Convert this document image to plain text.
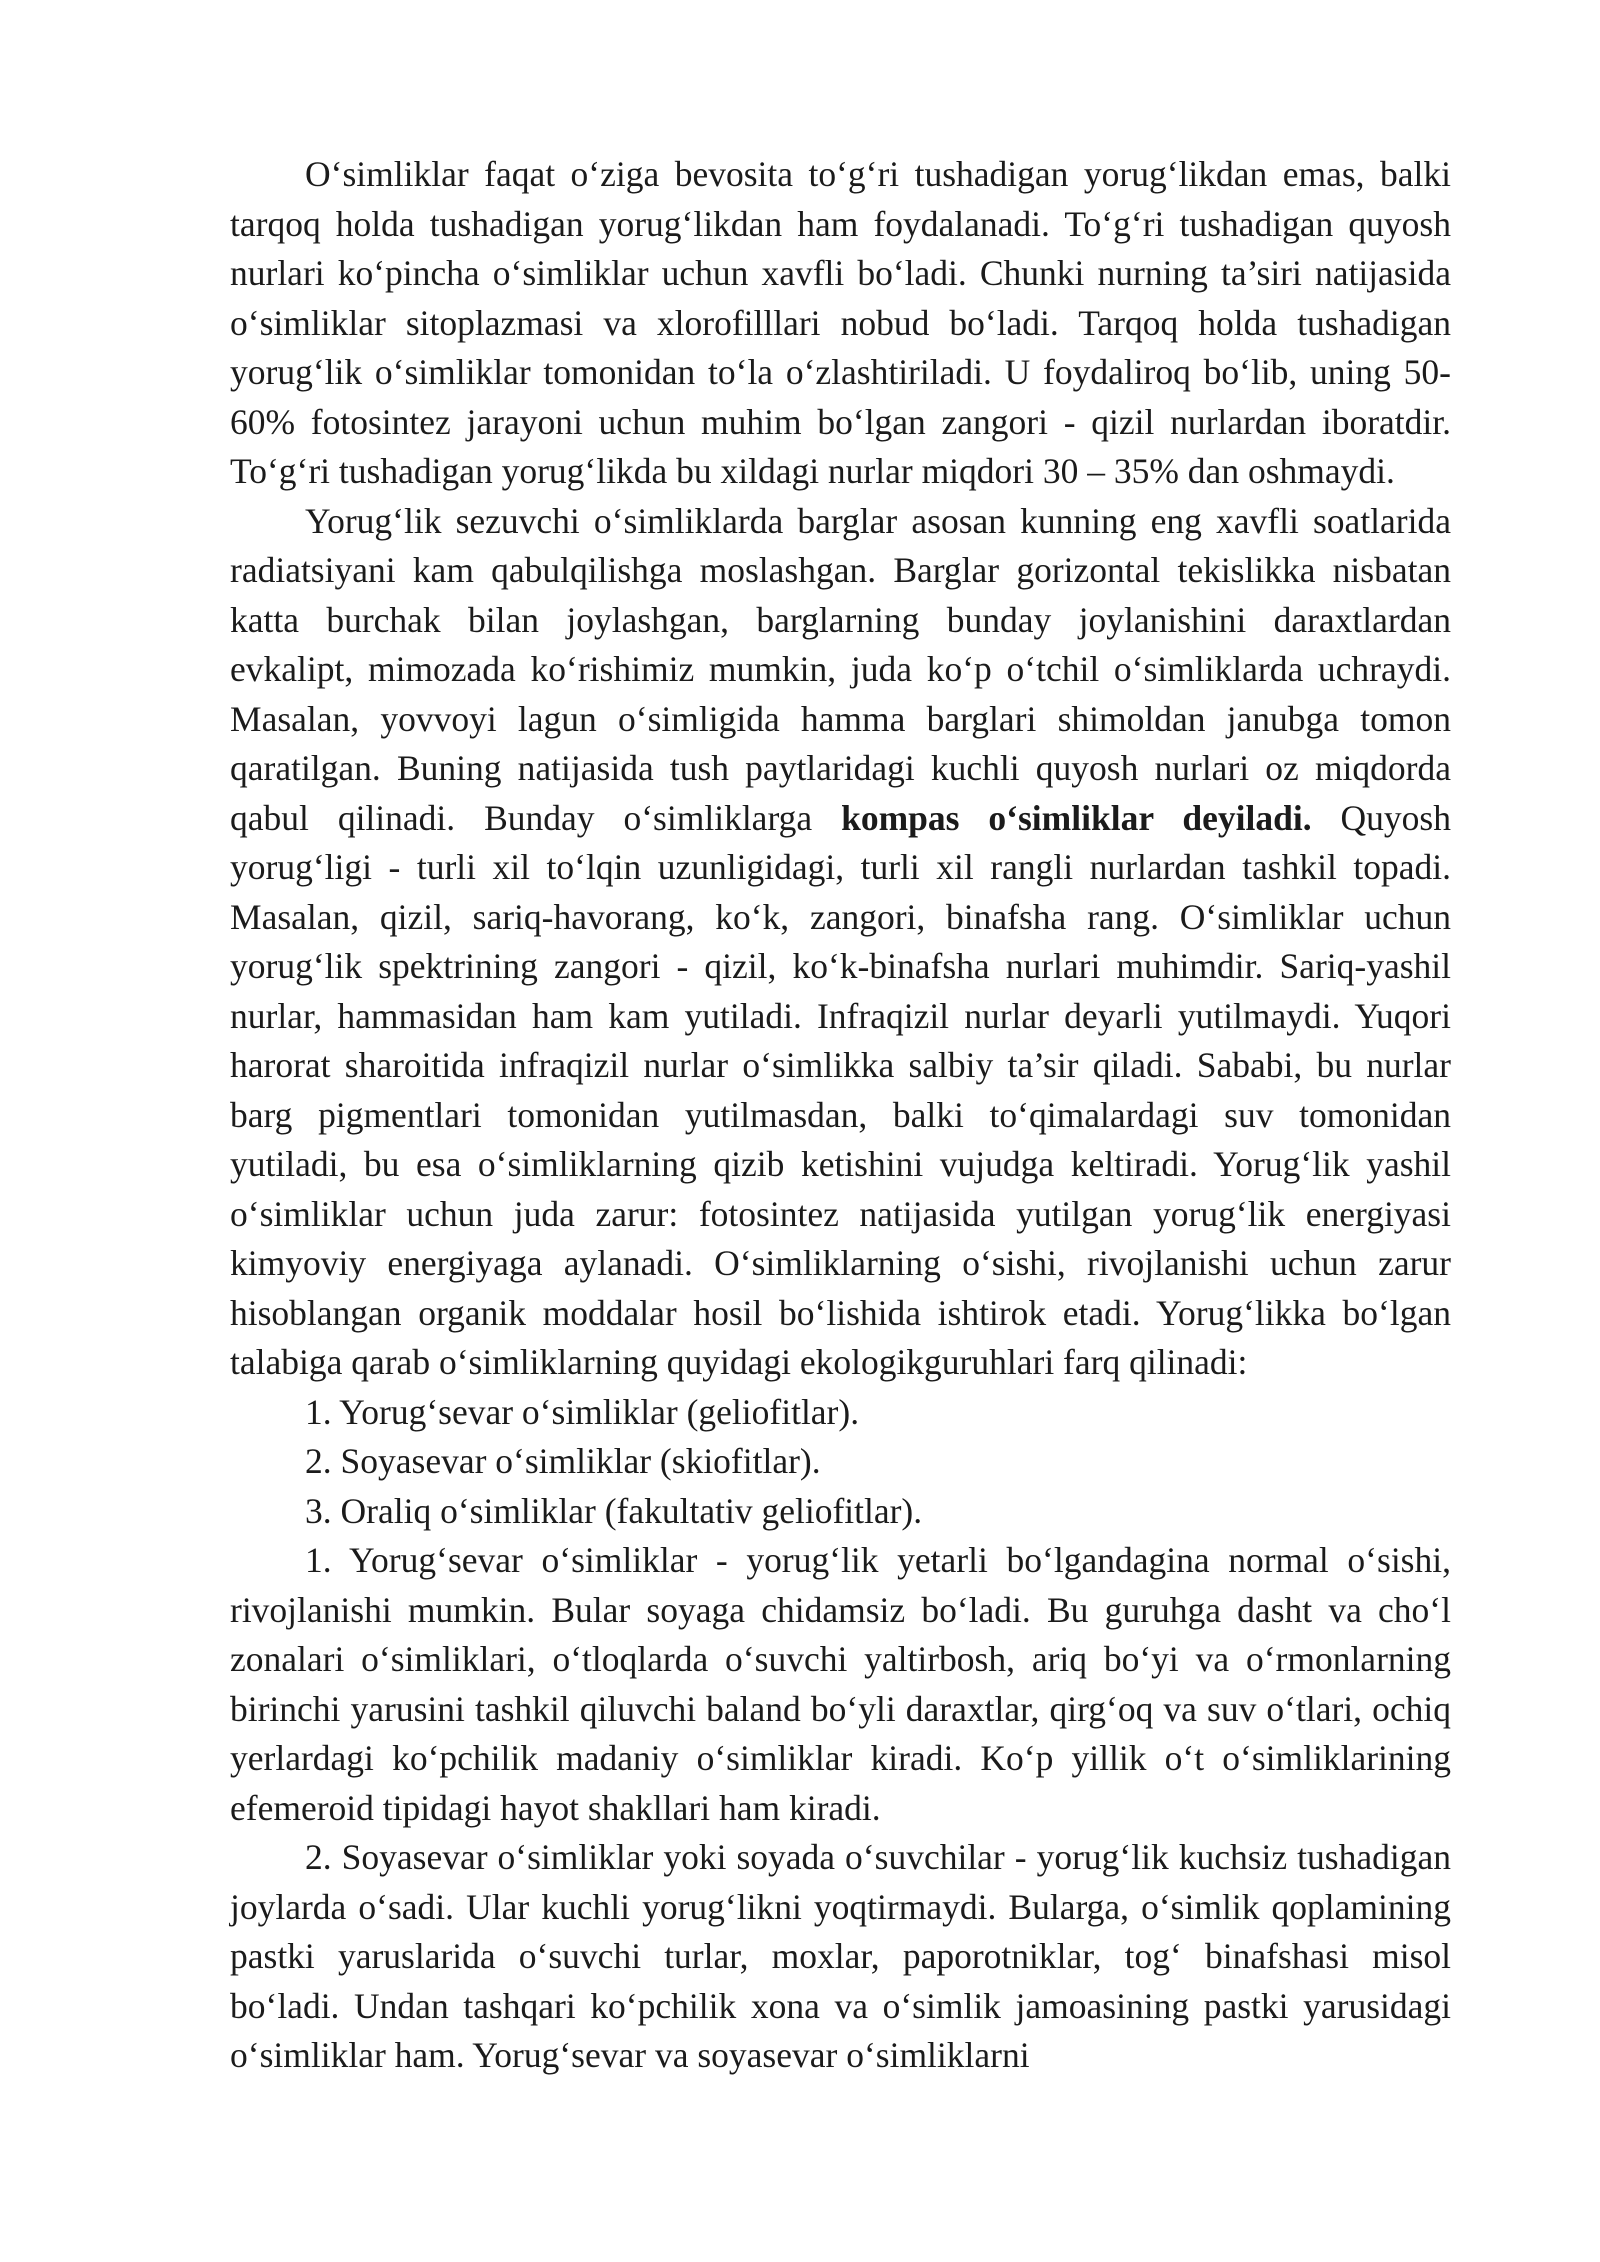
O‘simliklar faqat o‘ziga bevosita to‘g‘ri tushadigan yorug‘likdan emas, balki tarqoq holda tushadigan yorug‘likdan ham foydalanadi. To‘g‘ri tushadigan quyosh nurlari ko‘pincha o‘simliklar uchun xavfli bo‘ladi. Chunki nurning ta’siri natijasida o‘simliklar sitoplazmasi va xlorofilllari nobud bo‘ladi. Tarqoq holda tushadigan yorug‘lik o‘simliklar tomonidan to‘la o‘zlashtiriladi. U foydaliroq bo‘lib, uning 50-60% fotosintez jarayoni uchun muhim bo‘lgan zangori - qizil nurlardan iboratdir. To‘g‘ri tushadigan yorug‘likda bu xildagi nurlar miqdori 30 – 35% dan oshmaydi.

Yorug‘lik sezuvchi o‘simliklarda barglar asosan kunning eng xavfli soatlarida radiatsiyani kam qabulqilishga moslashgan. Barglar gorizontal tekislikka nisbatan katta burchak bilan joylashgan, barglarning bunday joylanishini daraxtlardan evkalipt, mimozada ko‘rishimiz mumkin, juda ko‘p o‘tchil o‘simliklarda uchraydi. Masalan, yovvoyi lagun o‘simligida hamma barglari shimoldan janubga tomon qaratilgan. Buning natijasida tush paytlaridagi kuchli quyosh nurlari oz miqdorda qabul qilinadi. Bunday o‘simliklarga kompas o‘simliklar deyiladi. Quyosh yorug‘ligi - turli xil to‘lqin uzunligidagi, turli xil rangli nurlardan tashkil topadi. Masalan, qizil, sariq-havorang, ko‘k, zangori, binafsha rang. O‘simliklar uchun yorug‘lik spektrining zangori - qizil, ko‘k-binafsha nurlari muhimdir. Sariq-yashil nurlar, hammasidan ham kam yutiladi. Infraqizil nurlar deyarli yutilmaydi. Yuqori harorat sharoitida infraqizil nurlar o‘simlikka salbiy ta’sir qiladi. Sababi, bu nurlar barg pigmentlari tomonidan yutilmasdan, balki to‘qimalardagi suv tomonidan yutiladi, bu esa o‘simliklarning qizib ketishini vujudga keltiradi. Yorug‘lik yashil o‘simliklar uchun juda zarur: fotosintez natijasida yutilgan yorug‘lik energiyasi kimyoviy energiyaga aylanadi. O‘simliklarning o‘sishi, rivojlanishi uchun zarur hisoblangan organik moddalar hosil bo‘lishida ishtirok etadi. Yorug‘likka bo‘lgan talabiga qarab o‘simliklarning quyidagi ekologikguruhlari farq qilinadi:

1. Yorug‘sevar o‘simliklar (geliofitlar).

2. Soyasevar o‘simliklar (skiofitlar).

3. Oraliq o‘simliklar (fakultativ geliofitlar).

1. Yorug‘sevar o‘simliklar - yorug‘lik yetarli bo‘lgandagina normal o‘sishi, rivojlanishi mumkin. Bular soyaga chidamsiz bo‘ladi. Bu guruhga dasht va cho‘l zonalari o‘simliklari, o‘tloqlarda o‘suvchi yaltirbosh, ariq bo‘yi va o‘rmonlarning birinchi yarusini tashkil qiluvchi baland bo‘yli daraxtlar, qirg‘oq va suv o‘tlari, ochiq yerlardagi ko‘pchilik madaniy o‘simliklar kiradi. Ko‘p yillik o‘t o‘simliklarining efemeroid tipidagi hayot shakllari ham kiradi.

2. Soyasevar o‘simliklar yoki soyada o‘suvchilar - yorug‘lik kuchsiz tushadigan joylarda o‘sadi. Ular kuchli yorug‘likni yoqtirmaydi. Bularga, o‘simlik qoplamining pastki yaruslarida o‘suvchi turlar, moxlar, paporotniklar, tog‘ binafshasi misol bo‘ladi. Undan tashqari ko‘pchilik xona va o‘simlik jamoasining pastki yarusidagi o‘simliklar ham. Yorug‘sevar va soyasevar o‘simliklarni
